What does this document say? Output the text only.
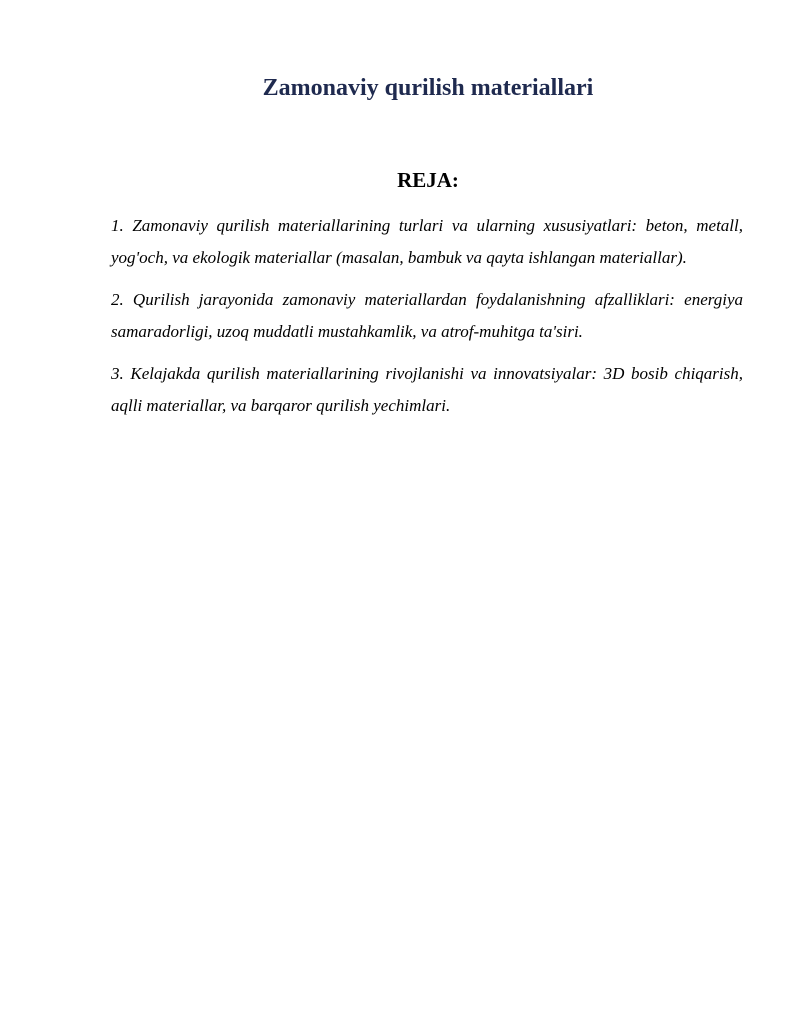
Zamonaviy qurilish materiallari
REJA:
1. Zamonaviy qurilish materiallarining turlari va ularning xususiyatlari: beton, metall, yog'och, va ekologik materiallar (masalan, bambuk va qayta ishlangan materiallar).
2. Qurilish jarayonida zamonaviy materiallardan foydalanishning afzalliklari: energiya samaradorligi, uzoq muddatli mustahkamlik, va atrof-muhitga ta'siri.
3. Kelajakda qurilish materiallarining rivojlanishi va innovatsiyalar: 3D bosib chiqarish, aqlli materiallar, va barqaror qurilish yechimlari.
